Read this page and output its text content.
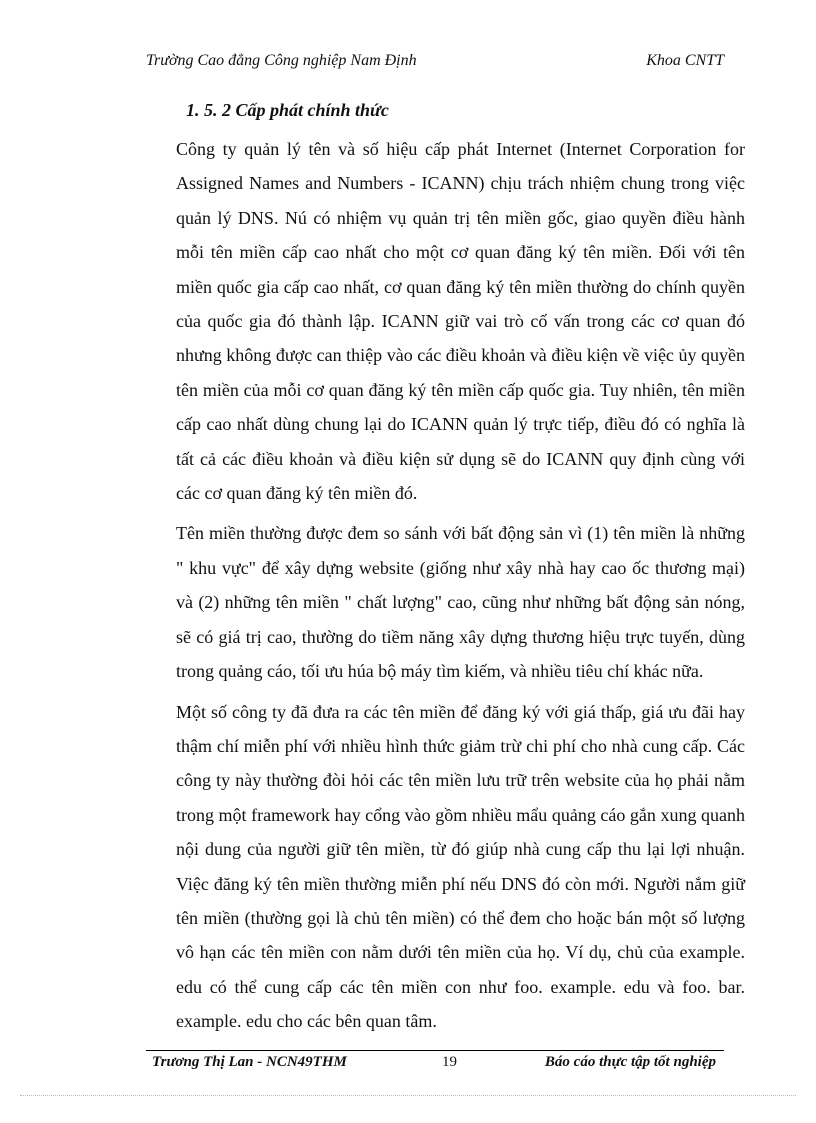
Trường Cao đẳng Công nghiệp Nam Định	Khoa CNTT
1. 5. 2 Cấp phát chính thức

Công ty quản lý tên và số hiệu cấp phát Internet (Internet Corporation for Assigned Names and Numbers - ICANN) chịu trách nhiệm chung trong việc quản lý DNS. Nú có nhiệm vụ quản trị tên miền gốc, giao quyền điều hành mỗi tên miền cấp cao nhất cho một cơ quan đăng ký tên miền. Đối với tên miền quốc gia cấp cao nhất, cơ quan đăng ký tên miền thường do chính quyền của quốc gia đó thành lập. ICANN giữ vai trò cố vấn trong các cơ quan đó nhưng không được can thiệp vào các điều khoản và điều kiện về việc ủy quyền tên miền của mỗi cơ quan đăng ký tên miền cấp quốc gia. Tuy nhiên, tên miền cấp cao nhất dùng chung lại do ICANN quản lý trực tiếp, điều đó có nghĩa là tất cả các điều khoản và điều kiện sử dụng sẽ do ICANN quy định cùng với các cơ quan đăng ký tên miền đó.

Tên miền thường được đem so sánh với bất động sản vì (1) tên miền là những " khu vực" để xây dựng website (giống như xây nhà hay cao ốc thương mại) và (2) những tên miền " chất lượng" cao, cũng như những bất động sản nóng, sẽ có giá trị cao, thường do tiềm năng xây dựng thương hiệu trực tuyến, dùng trong quảng cáo, tối ưu húa bộ máy tìm kiếm, và nhiều tiêu chí khác nữa.

Một số công ty đã đưa ra các tên miền để đăng ký với giá thấp, giá ưu đãi hay thậm chí miễn phí với nhiều hình thức giảm trừ chi phí cho nhà cung cấp. Các công ty này thường đòi hỏi các tên miền lưu trữ trên website của họ phải nằm trong một framework hay cổng vào gồm nhiều mẩu quảng cáo gắn xung quanh nội dung của người giữ tên miền, từ đó giúp nhà cung cấp thu lại lợi nhuận. Việc đăng ký tên miền thường miễn phí nếu DNS đó còn mới. Người nắm giữ tên miền (thường gọi là chủ tên miền) có thể đem cho hoặc bán một số lượng vô hạn các tên miền con nằm dưới tên miền của họ. Ví dụ, chủ của example. edu có thể cung cấp các tên miền con như foo. example. edu và foo. bar. example. edu cho các bên quan tâm.

Trương Thị Lan - NCN49THM	19	Báo cáo thực tập tốt nghiệp
